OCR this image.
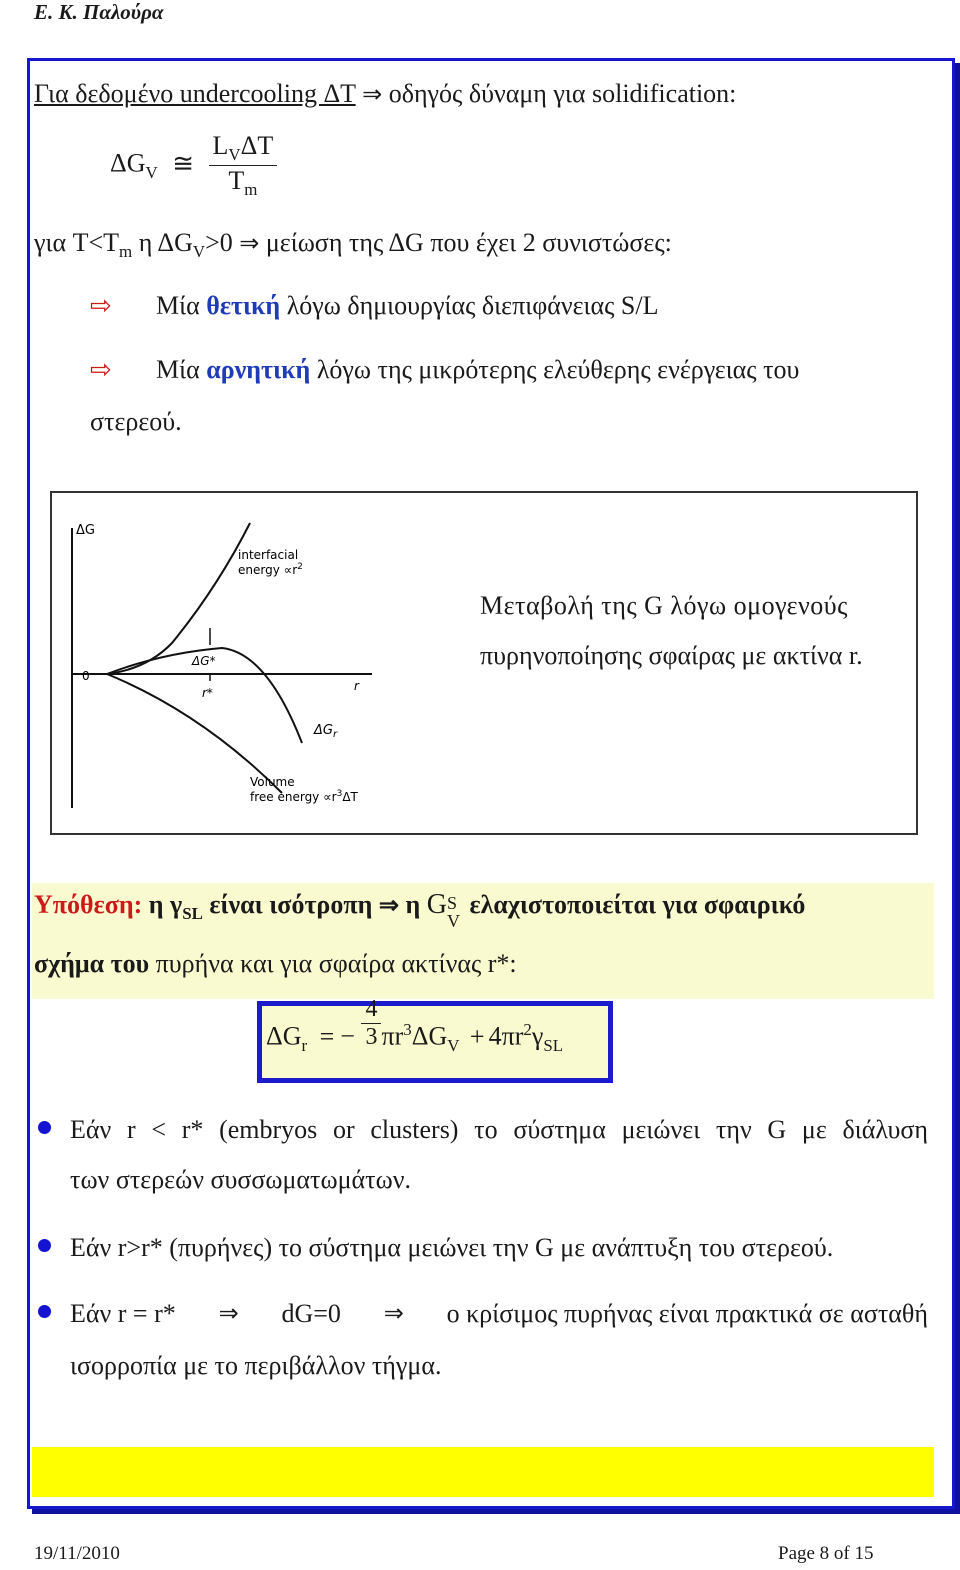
Ε. Κ. Παλούρα
Για δεδομένο undercooling ΔT ⇒ οδηγός δύναμη για solidification:
$\Delta G_V$ ≅ $\frac{L_V\Delta T}{T_m}$
για $T<T_m$ η $\Delta G_V>0$ ⇒ μείωση της ΔG που έχει 2 συνιστώσες:
⇨ Μία θετική λόγω δημιουργίας διεπιφάνειας S/L
⇨ Μία αρνητική λόγω της μικρότερης ελεύθερης ενέργειας του
στερεού.
ΔG
interfacial
energy $\propto r^2$
0
ΔG*
r*	r
$\Delta G_r$
Volume
free energy $\propto r^3\Delta T$
Μεταβολή της G λόγω ομογενούς
πυρηνοποίησης σφαίρας με ακτίνα r.
Υπόθεση: η $\gamma_{SL}$ είναι ισότροπη ⇒ η G S
V
ελαχιστοποιείται για σφαιρικό
σχήμα του πυρήνα και για σφαίρα ακτίνας r*:
$\Delta G_r$ = − $\frac{4}{3} \pi r^3\Delta G_V + 4\pi r^2\gamma_{SL}$
Εάν r < r* (embryos or clusters) το σύστημα μειώνει την G με διάλυση
των στερεών συσσωματωμάτων.
Εάν r>r* (πυρήνες) το σύστημα μειώνει την G με ανάπτυξη του στερεού.
Εάν r = r* ⇒ dG=0 ⇒ ο κρίσιμος πυρήνας είναι πρακτικά σε ασταθή
ισορροπία με το περιβάλλον τήγμα.
19/11/2010	Page 8 of 15
